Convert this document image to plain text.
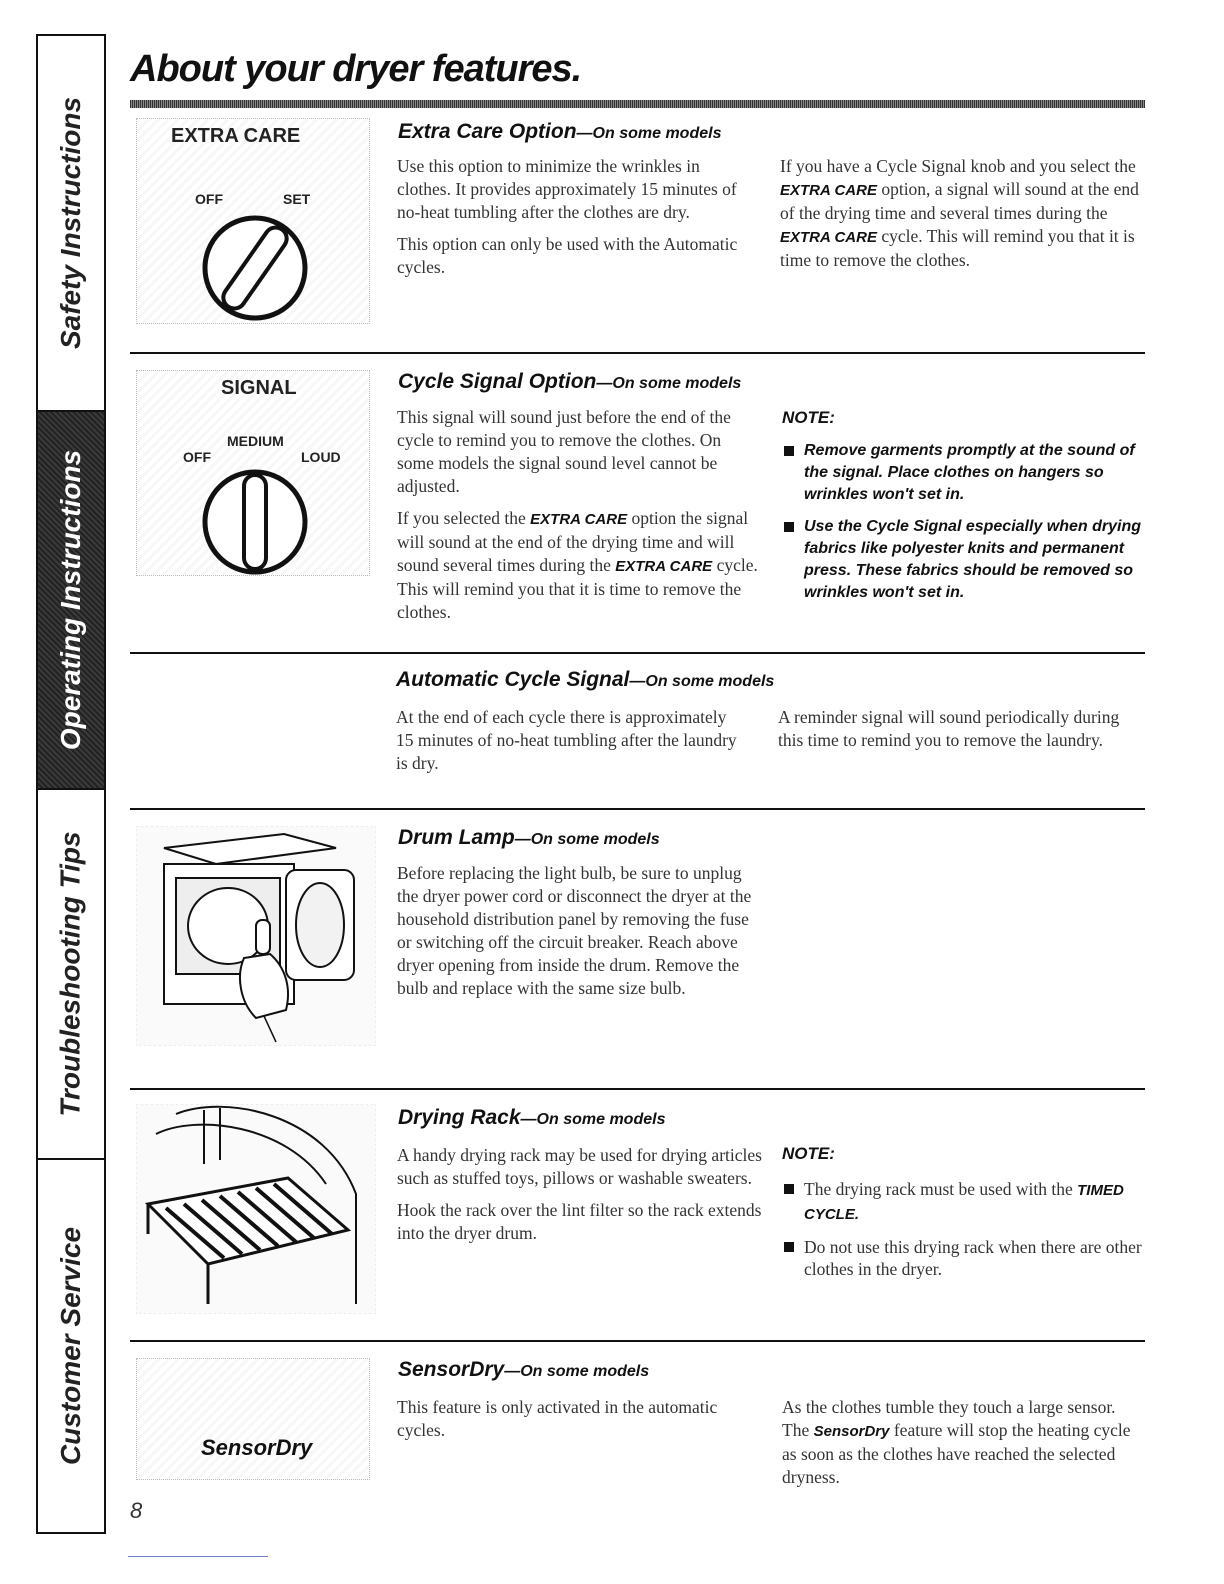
Safety Instructions
Operating Instructions
Troubleshooting Tips
Customer Service
About your dryer features.
EXTRA CARE
OFF	SET
Extra Care Option—On some models

Use this option to minimize the wrinkles in clothes. It provides approximately 15 minutes of no-heat tumbling after the clothes are dry.

This option can only be used with the Automatic cycles.

If you have a Cycle Signal knob and you select the EXTRA CARE option, a signal will sound at the end of the drying time and several times during the EXTRA CARE cycle. This will remind you that it is time to remove the clothes.

SIGNAL
MEDIUM
OFF	LOUD
Cycle Signal Option—On some models

This signal will sound just before the end of the cycle to remind you to remove the clothes. On some models the signal sound level cannot be adjusted.

If you selected the EXTRA CARE option the signal will sound at the end of the drying time and will sound several times during the EXTRA CARE cycle. This will remind you that it is time to remove the clothes.

NOTE:
Remove garments promptly at the sound of the signal. Place clothes on hangers so wrinkles won't set in.
Use the Cycle Signal especially when drying fabrics like polyester knits and permanent press. These fabrics should be removed so wrinkles won't set in.
Automatic Cycle Signal—On some models

At the end of each cycle there is approximately 15 minutes of no-heat tumbling after the laundry is dry.

A reminder signal will sound periodically during this time to remind you to remove the laundry.

Drum Lamp—On some models

Before replacing the light bulb, be sure to unplug the dryer power cord or disconnect the dryer at the household distribution panel by removing the fuse or switching off the circuit breaker. Reach above dryer opening from inside the drum. Remove the bulb and replace with the same size bulb.

Drying Rack—On some models

A handy drying rack may be used for drying articles such as stuffed toys, pillows or washable sweaters.

Hook the rack over the lint filter so the rack extends into the dryer drum.

NOTE:
The drying rack must be used with the TIMED CYCLE.
Do not use this drying rack when there are other clothes in the dryer.
SensorDry
SensorDry—On some models

This feature is only activated in the automatic cycles.

As the clothes tumble they touch a large sensor. The SensorDry feature will stop the heating cycle as soon as the clothes have reached the selected dryness.

8
